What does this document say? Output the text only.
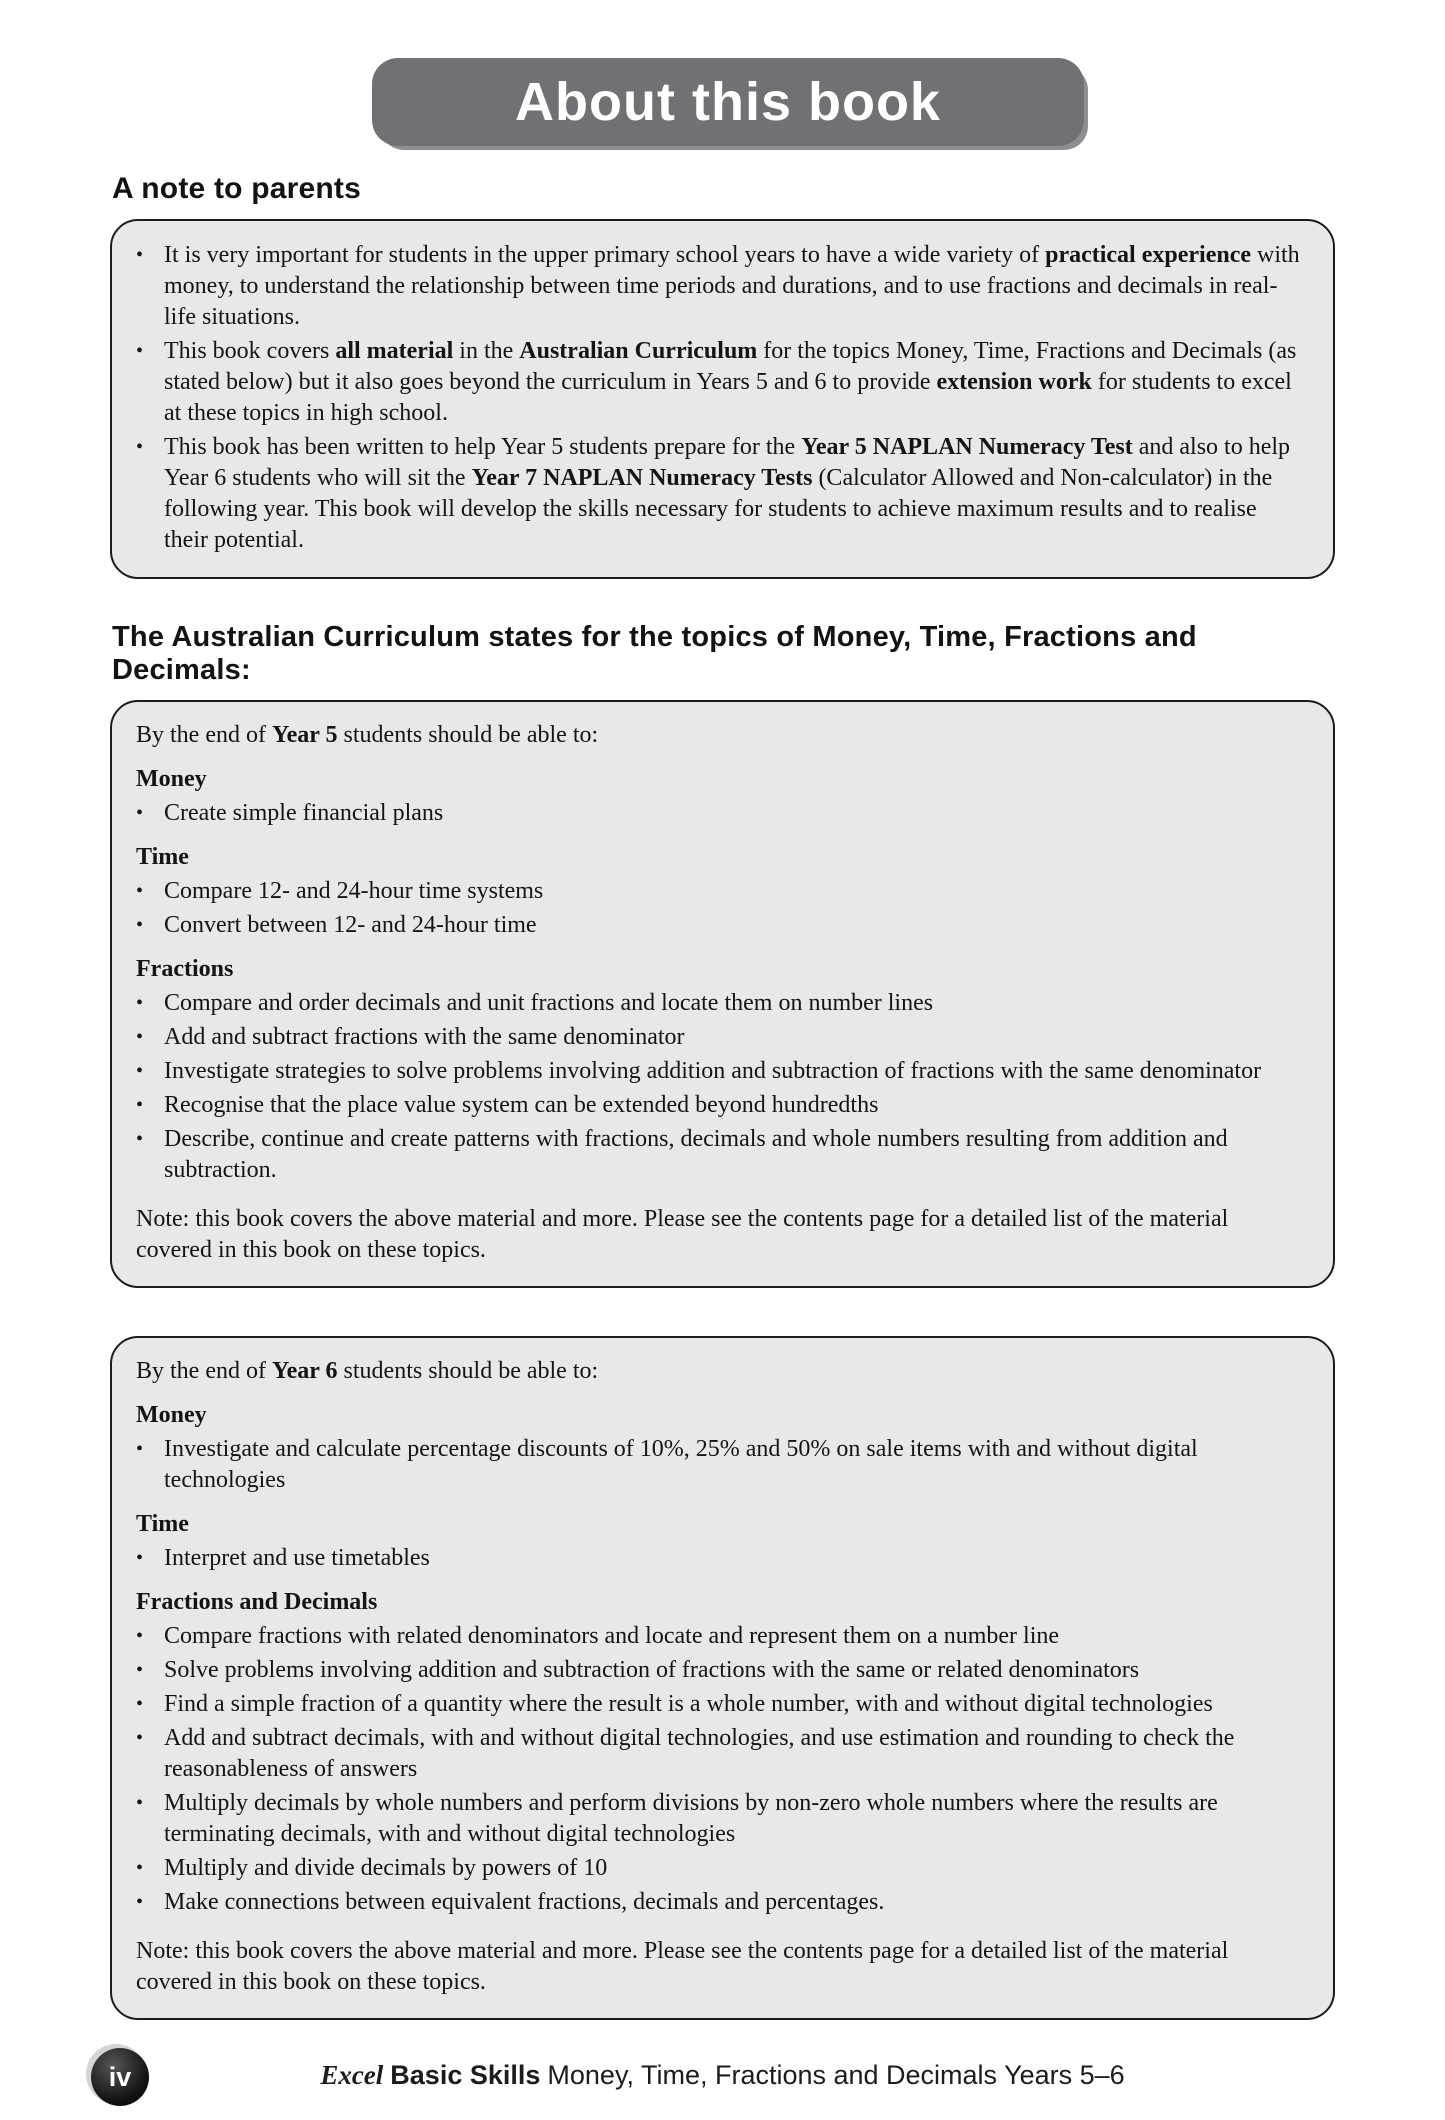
About this book
A note to parents
• It is very important for students in the upper primary school years to have a wide variety of practical experience with money, to understand the relationship between time periods and durations, and to use fractions and decimals in real-life situations.
• This book covers all material in the Australian Curriculum for the topics Money, Time, Fractions and Decimals (as stated below) but it also goes beyond the curriculum in Years 5 and 6 to provide extension work for students to excel at these topics in high school.
• This book has been written to help Year 5 students prepare for the Year 5 NAPLAN Numeracy Test and also to help Year 6 students who will sit the Year 7 NAPLAN Numeracy Tests (Calculator Allowed and Non-calculator) in the following year. This book will develop the skills necessary for students to achieve maximum results and to realise their potential.
The Australian Curriculum states for the topics of Money, Time, Fractions and Decimals:
By the end of Year 5 students should be able to:
Money
• Create simple financial plans
Time
• Compare 12- and 24-hour time systems
• Convert between 12- and 24-hour time
Fractions
• Compare and order decimals and unit fractions and locate them on number lines
• Add and subtract fractions with the same denominator
• Investigate strategies to solve problems involving addition and subtraction of fractions with the same denominator
• Recognise that the place value system can be extended beyond hundredths
• Describe, continue and create patterns with fractions, decimals and whole numbers resulting from addition and subtraction.
Note: this book covers the above material and more. Please see the contents page for a detailed list of the material covered in this book on these topics.
By the end of Year 6 students should be able to:
Money
• Investigate and calculate percentage discounts of 10%, 25% and 50% on sale items with and without digital technologies
Time
• Interpret and use timetables
Fractions and Decimals
• Compare fractions with related denominators and locate and represent them on a number line
• Solve problems involving addition and subtraction of fractions with the same or related denominators
• Find a simple fraction of a quantity where the result is a whole number, with and without digital technologies
• Add and subtract decimals, with and without digital technologies, and use estimation and rounding to check the reasonableness of answers
• Multiply decimals by whole numbers and perform divisions by non-zero whole numbers where the results are terminating decimals, with and without digital technologies
• Multiply and divide decimals by powers of 10
• Make connections between equivalent fractions, decimals and percentages.
Note: this book covers the above material and more. Please see the contents page for a detailed list of the material covered in this book on these topics.
iv	Excel Basic Skills Money, Time, Fractions and Decimals Years 5–6
